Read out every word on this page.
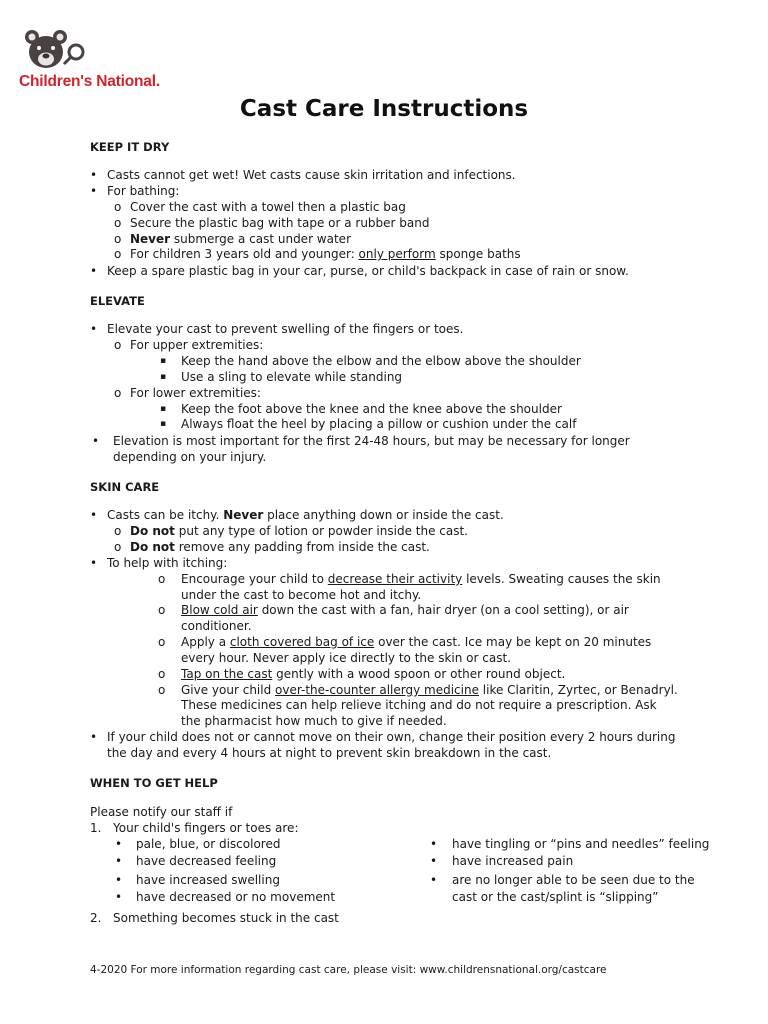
Children's National.
Cast Care Instructions
KEEP IT DRY
• Casts cannot get wet! Wet casts cause skin irritation and infections.
• For bathing:
o Cover the cast with a towel then a plastic bag
o Secure the plastic bag with tape or a rubber band
o Never submerge a cast under water
o For children 3 years old and younger: only perform sponge baths
• Keep a spare plastic bag in your car, purse, or child's backpack in case of rain or snow.
ELEVATE
• Elevate your cast to prevent swelling of the fingers or toes.
o For upper extremities:
▪ Keep the hand above the elbow and the elbow above the shoulder
▪ Use a sling to elevate while standing
o For lower extremities:
▪ Keep the foot above the knee and the knee above the shoulder
▪ Always float the heel by placing a pillow or cushion under the calf
• Elevation is most important for the first 24-48 hours, but may be necessary for longer
depending on your injury.
SKIN CARE
• Casts can be itchy. Never place anything down or inside the cast.
o Do not put any type of lotion or powder inside the cast.
o Do not remove any padding from inside the cast.
• To help with itching:
o Encourage your child to decrease their activity levels. Sweating causes the skin
under the cast to become hot and itchy.
o Blow cold air down the cast with a fan, hair dryer (on a cool setting), or air
conditioner.
o Apply a cloth covered bag of ice over the cast. Ice may be kept on 20 minutes
every hour. Never apply ice directly to the skin or cast.
o Tap on the cast gently with a wood spoon or other round object.
o Give your child over-the-counter allergy medicine like Claritin, Zyrtec, or Benadryl.
These medicines can help relieve itching and do not require a prescription. Ask
the pharmacist how much to give if needed.
• If your child does not or cannot move on their own, change their position every 2 hours during
the day and every 4 hours at night to prevent skin breakdown in the cast.
WHEN TO GET HELP
Please notify our staff if
1. Your child's fingers or toes are:
• pale, blue, or discolored
• have decreased feeling
• have increased swelling
• have decreased or no movement
• have tingling or “pins and needles” feeling
• have increased pain
• are no longer able to be seen due to the
cast or the cast/splint is “slipping”
2. Something becomes stuck in the cast
4-2020 For more information regarding cast care, please visit: www.childrensnational.org/castcare
